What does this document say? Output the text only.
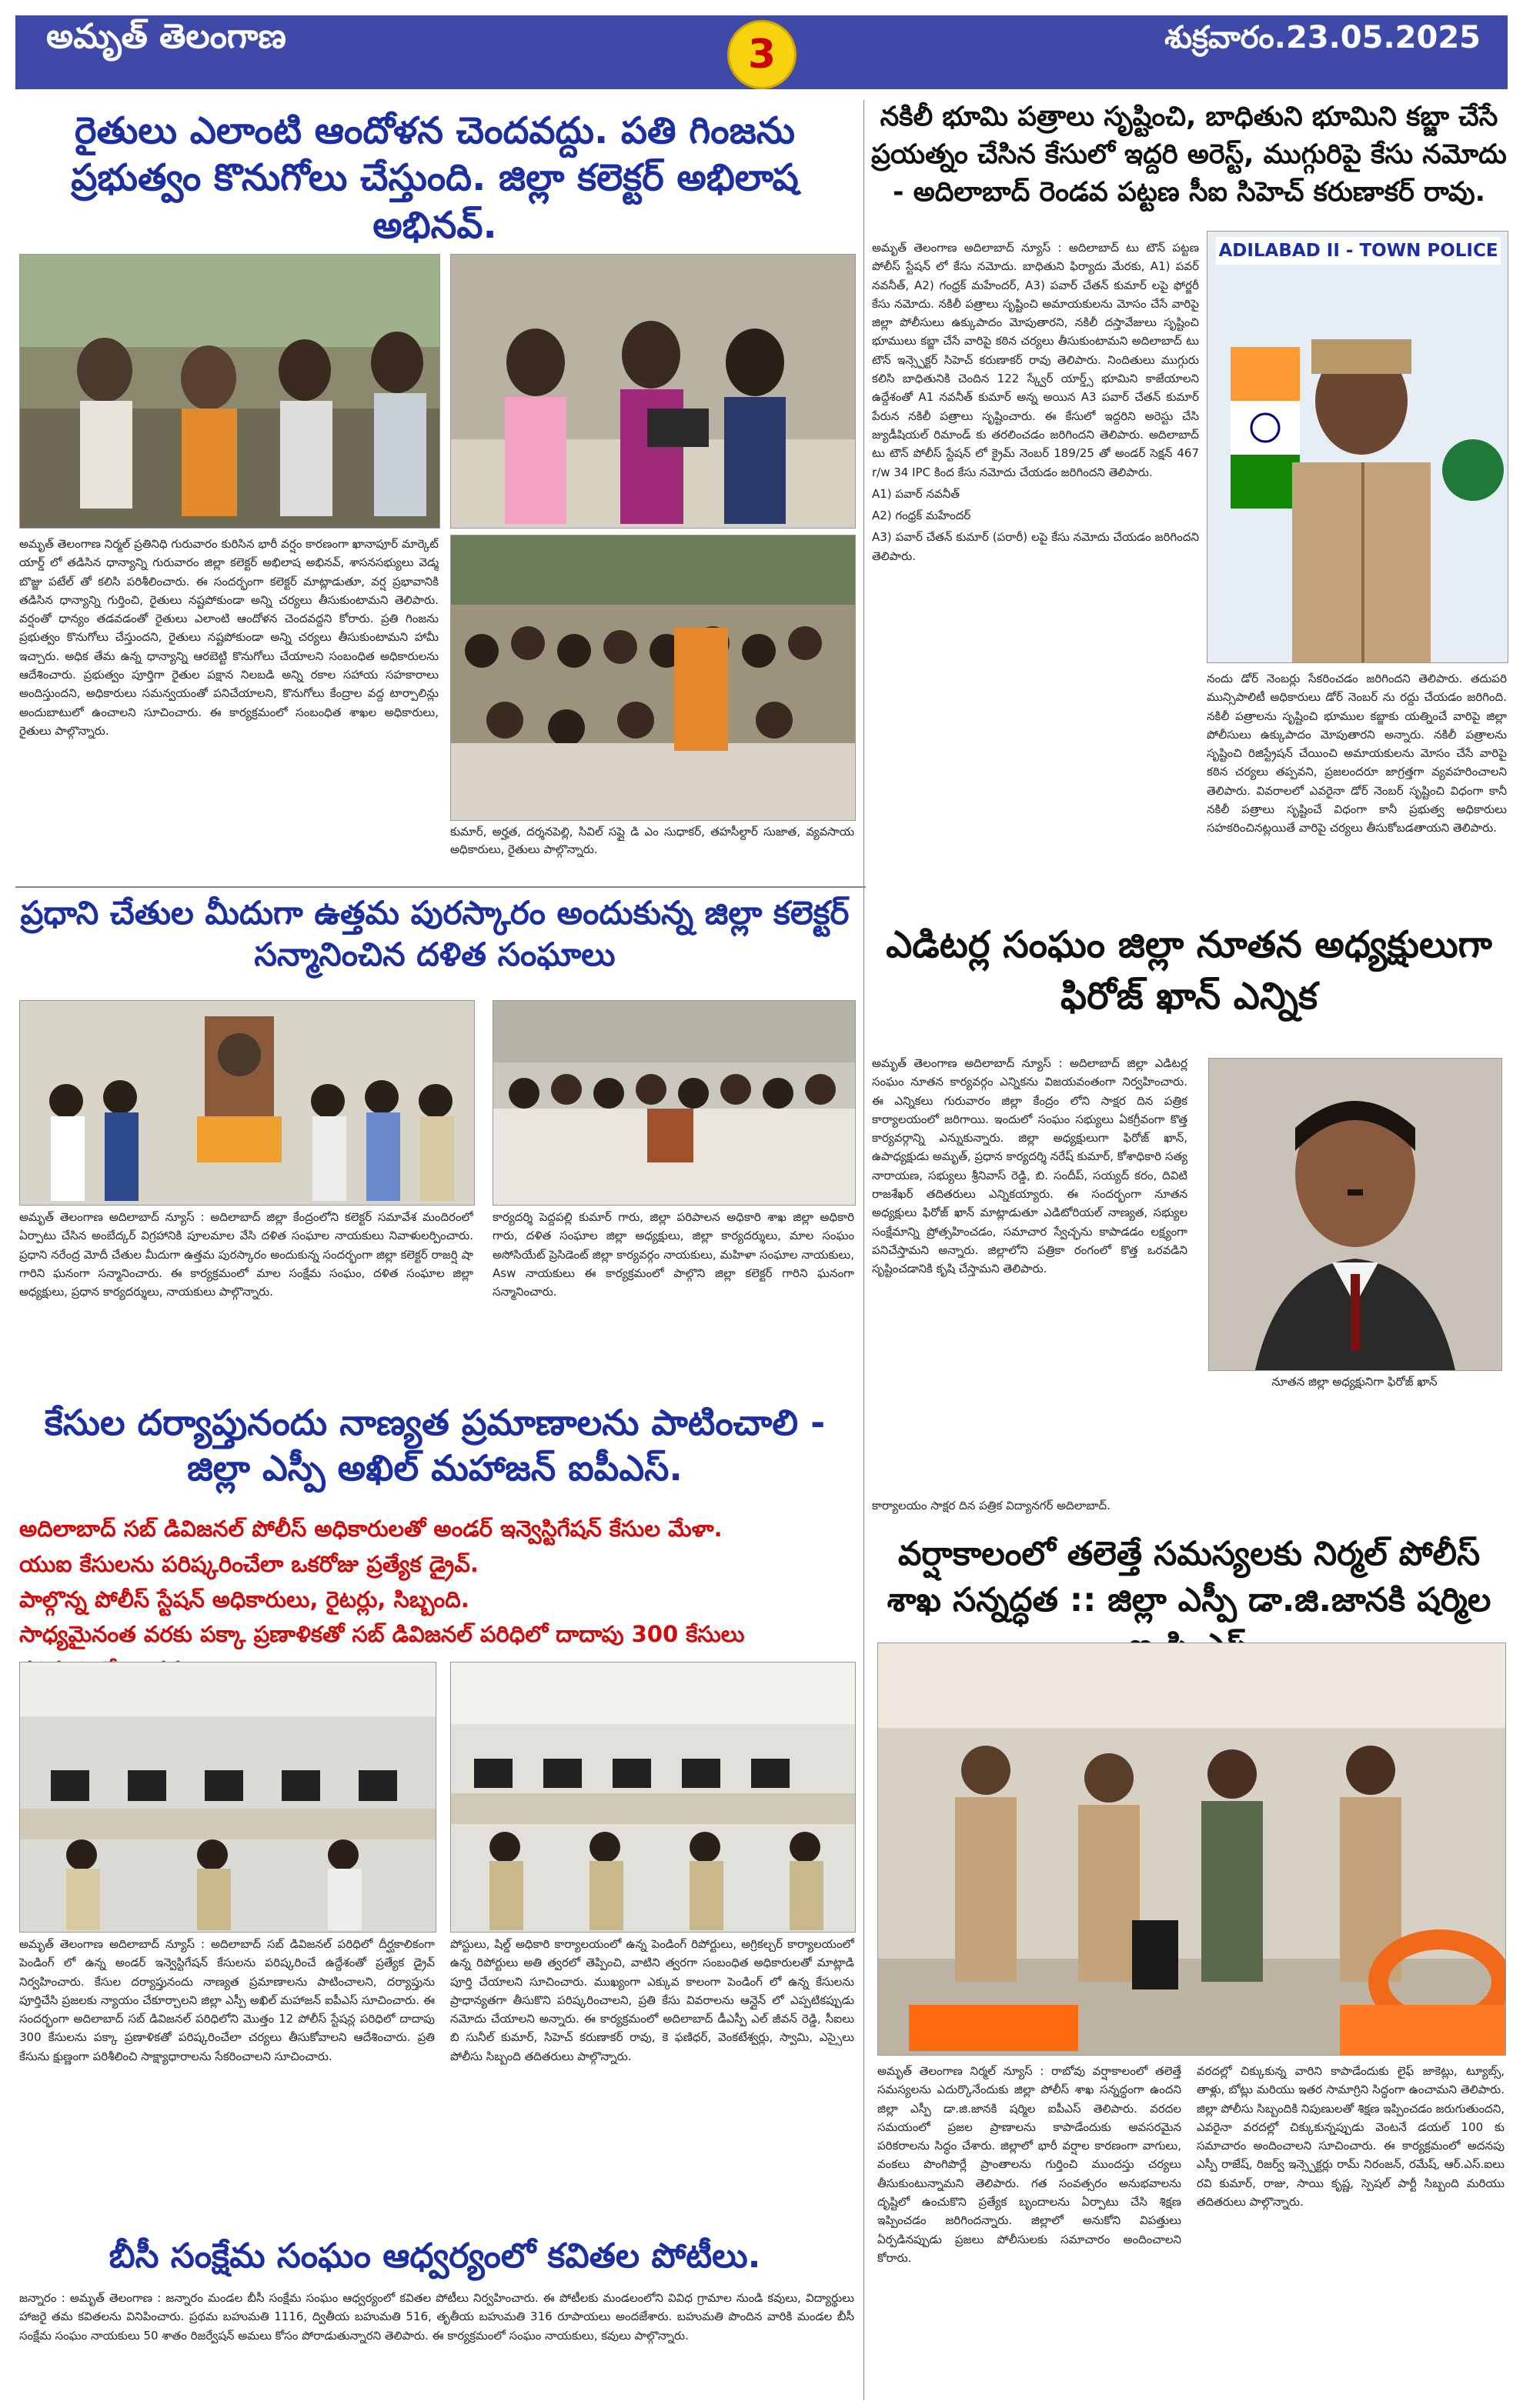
అమృత్ తెలంగాణ	3	శుక్రవారం.23.05.2025
రైతులు ఎలాంటి ఆందోళన చెందవద్దు. పతి గింజను ప్రభుత్వం కొనుగోలు చేస్తుంది. జిల్లా కలెక్టర్ అభిలాష అభినవ్.
అమృత్ తెలంగాణ నిర్మల్ ప్రతినిధి గురువారం కురిసిన భారీ వర్షం కారణంగా ఖానాపూర్ మార్కెట్ యార్డ్ లో తడిసిన ధాన్యాన్ని గురువారం జిల్లా కలెక్టర్ అభిలాష అభినవ్, శాసనసభ్యులు వెడ్మ బొజ్జు పటేల్ తో కలిసి పరిశీలించారు. ఈ సందర్భంగా కలెక్టర్ మాట్లాడుతూ, వర్ష ప్రభావానికి తడిసిన ధాన్యాన్ని గుర్తించి, రైతులు నష్టపోకుండా అన్ని చర్యలు తీసుకుంటామని తెలిపారు. వర్షంతో ధాన్యం తడవడంతో రైతులు ఎలాంటి ఆందోళన చెందవద్దని కోరారు. ప్రతి గింజను ప్రభుత్వం కొనుగోలు చేస్తుందని, రైతులు నష్టపోకుండా అన్ని చర్యలు తీసుకుంటామని హామీ ఇచ్చారు. అధిక తేమ ఉన్న ధాన్యాన్ని ఆరబెట్టి కొనుగోలు చేయాలని సంబంధిత అధికారులను ఆదేశించారు. ప్రభుత్వం పూర్తిగా రైతుల పక్షాన నిలబడి అన్ని రకాల సహాయ సహకారాలు అందిస్తుందని, అధికారులు సమన్వయంతో పనిచేయాలని, కొనుగోలు కేంద్రాల వద్ద టార్పాలిన్లు అందుబాటులో ఉంచాలని సూచించారు. ఈ కార్యక్రమంలో సంబంధిత శాఖల అధికారులు, రైతులు పాల్గొన్నారు.
కుమార్, అర్హత, దర్శనపెల్లి, సివిల్ సప్లై డి ఎం సుధాకర్, తహసీల్దార్ సుజాత, వ్యవసాయ అధికారులు, రైతులు పాల్గొన్నారు.
నకిలీ భూమి పత్రాలు సృష్టించి, బాధితుని భూమిని కబ్జా చేసే ప్రయత్నం చేసిన కేసులో ఇద్దరి అరెస్ట్, ముగ్గురిపై కేసు నమోదు - అదిలాబాద్ రెండవ పట్టణ సీఐ సిహెచ్ కరుణాకర్ రావు.

అమృత్ తెలంగాణ అదిలాబాద్ న్యూస్ : అదిలాబాద్ టు టౌన్ పట్టణ పోలీస్ స్టేషన్ లో కేసు నమోదు. బాధితుని ఫిర్యాదు మేరకు, A1) పవర్ నవనీత్, A2) గంధ్రక్ మహేందర్, A3) పవార్ చేతన్ కుమార్ లపై ఫోర్జరీ కేసు నమోదు. నకిలీ పత్రాలు సృష్టించి అమాయకులను మోసం చేసే వారిపై జిల్లా పోలీసులు ఉక్కుపాదం మోపుతారని, నకిలీ దస్తావేజులు సృష్టించి భూములు కబ్జా చేసే వారిపై కఠిన చర్యలు తీసుకుంటామని అదిలాబాద్ టు టౌన్ ఇన్స్పెక్టర్ సిహెచ్ కరుణాకర్ రావు తెలిపారు. నిందితులు ముగ్గురు కలిసి బాధితునికి చెందిన 122 స్క్వేర్ యార్డ్స్ భూమిని కాజేయాలని ఉద్దేశంతో A1 నవనీత్ కుమార్ అన్న అయిన A3 పవార్ చేతన్ కుమార్ పేరున నకిలీ పత్రాలు సృష్టించారు. ఈ కేసులో ఇద్దరిని అరెస్టు చేసి జ్యుడీషియల్ రిమాండ్ కు తరలించడం జరిగిందని తెలిపారు. అదిలాబాద్ టు టౌన్ పోలీస్ స్టేషన్ లో క్రైమ్ నెంబర్ 189/25 తో అండర్ సెక్షన్ 467 r/w 34 IPC కింద కేసు నమోదు చేయడం జరిగిందని తెలిపారు.

A1) పవార్ నవనీత్

A2) గంధ్రక్ మహేందర్

A3) పవార్ చేతన్ కుమార్ (పరారీ) లపై కేసు నమోదు చేయడం జరిగిందని తెలిపారు.

ADILABAD II - TOWN POLICE
నందు డోర్ నెంబర్లు సేకరించడం జరిగిందని తెలిపారు. తదుపరి మున్సిపాలిటీ అధికారులు డోర్ నెంబర్ ను రద్దు చేయడం జరిగింది. నకిలీ పత్రాలను సృష్టించి భూముల కబ్జాకు యత్నించే వారిపై జిల్లా పోలీసులు ఉక్కుపాదం మోపుతారని అన్నారు. నకిలీ పత్రాలను సృష్టించి రిజిస్ట్రేషన్ చేయించి అమాయకులను మోసం చేసే వారిపై కఠిన చర్యలు తప్పవని, ప్రజలందరూ జాగ్రత్తగా వ్యవహరించాలని తెలిపారు. వివరాలలో ఎవరైనా డోర్ నెంబర్ సృష్టించి విధంగా కానీ నకిలీ పత్రాలు సృష్టించే విధంగా కానీ ప్రభుత్వ అధికారులు సహకరించినట్లయితే వారిపై చర్యలు తీసుకోబడతాయని తెలిపారు.
ప్రధాని చేతుల మీదుగా ఉత్తమ పురస్కారం అందుకున్న జిల్లా కలెక్టర్ సన్మానించిన దళిత సంఘాలు
అమృత్ తెలంగాణ అదిలాబాద్ న్యూస్ : అదిలాబాద్ జిల్లా కేంద్రంలోని కలెక్టర్ సమావేశ మందిరంలో ఏర్పాటు చేసిన అంబేద్కర్ విగ్రహానికి పూలమాల వేసి దళిత సంఘాల నాయకులు నివాళులర్పించారు. ప్రధాని నరేంద్ర మోదీ చేతుల మీదుగా ఉత్తమ పురస్కారం అందుకున్న సందర్భంగా జిల్లా కలెక్టర్ రాజర్షి షా గారిని ఘనంగా సన్మానించారు. ఈ కార్యక్రమంలో మాల సంక్షేమ సంఘం, దళిత సంఘాల జిల్లా అధ్యక్షులు, ప్రధాన కార్యదర్శులు, నాయకులు పాల్గొన్నారు.
కార్యదర్శి పెద్దపల్లి కుమార్ గారు, జిల్లా పరిపాలన అధికారి శాఖ జిల్లా అధికారి గారు, దళిత సంఘాల జిల్లా అధ్యక్షులు, జిల్లా కార్యదర్శులు, మాల సంఘం అసోసియేట్ ప్రెసిడెంట్ జిల్లా కార్యవర్గం నాయకులు, మహిళా సంఘాల నాయకులు, Asw నాయకులు ఈ కార్యక్రమంలో పాల్గొని జిల్లా కలెక్టర్ గారిని ఘనంగా సన్మానించారు.
ఎడిటర్ల సంఘం జిల్లా నూతన అధ్యక్షులుగా ఫిరోజ్ ఖాన్ ఎన్నిక
అమృత్ తెలంగాణ అదిలాబాద్ న్యూస్ : అదిలాబాద్ జిల్లా ఎడిటర్ల సంఘం నూతన కార్యవర్గం ఎన్నికను విజయవంతంగా నిర్వహించారు. ఈ ఎన్నికలు గురువారం జిల్లా కేంద్రం లోని సాక్షర దిన పత్రిక కార్యాలయంలో జరిగాయి. ఇందులో సంఘం సభ్యులు ఏకగ్రీవంగా కొత్త కార్యవర్గాన్ని ఎన్నుకున్నారు. జిల్లా అధ్యక్షులుగా ఫిరోజ్ ఖాన్, ఉపాధ్యక్షుడు అమృత్, ప్రధాన కార్యదర్శి నరేష్ కుమార్, కోశాధికారి సత్య నారాయణ, సభ్యులు శ్రీనివాస్ రెడ్డి, బి. సందీప్, సయ్యద్ కరం, దివిటి రాజశేఖర్ తదితరులు ఎన్నికయ్యారు. ఈ సందర్భంగా నూతన అధ్యక్షులు ఫిరోజ్ ఖాన్ మాట్లాడుతూ ఎడిటోరియల్ నాణ్యత, సభ్యుల సంక్షేమాన్ని ప్రోత్సహించడం, సమాచార స్వేచ్ఛను కాపాడడం లక్ష్యంగా పనిచేస్తామని అన్నారు. జిల్లాలోని పత్రికా రంగంలో కొత్త ఒరవడిని సృష్టించడానికి కృషి చేస్తామని తెలిపారు.
నూతన జిల్లా అధ్యక్షునిగా ఫిరోజ్ ఖాన్
కార్యాలయం సాక్షర దిన పత్రిక విద్యానగర్ అదిలాబాద్.
కేసుల దర్యాప్తునందు నాణ్యత ప్రమాణాలను పాటించాలి - జిల్లా ఎస్పీ అఖిల్ మహాజన్ ఐపీఎస్.
అదిలాబాద్ సబ్ డివిజనల్ పోలీస్ అధికారులతో అండర్ ఇన్వెస్టిగేషన్ కేసుల మేళా.
యుఐ కేసులను పరిష్కరించేలా ఒకరోజు ప్రత్యేక డ్రైవ్.
పాల్గొన్న పోలీస్ స్టేషన్ అధికారులు, రైటర్లు, సిబ్బంది.
సాధ్యమైనంత వరకు పక్కా ప్రణాళికతో సబ్ డివిజనల్ పరిధిలో దాదాపు 300 కేసులు
అమృత్ తెలంగాణ అదిలాబాద్ న్యూస్ : అదిలాబాద్ సబ్ డివిజనల్ పరిధిలో దీర్ఘకాలికంగా పెండింగ్ లో ఉన్న అండర్ ఇన్వెస్టిగేషన్ కేసులను పరిష్కరించే ఉద్దేశంతో ప్రత్యేక డ్రైవ్ నిర్వహించారు. కేసుల దర్యాప్తునందు నాణ్యత ప్రమాణాలను పాటించాలని, దర్యాప్తును పూర్తిచేసి ప్రజలకు న్యాయం చేకూర్చాలని జిల్లా ఎస్పీ అఖిల్ మహాజన్ ఐపీఎస్ సూచించారు. ఈ సందర్భంగా అదిలాబాద్ సబ్ డివిజనల్ పరిధిలోని మొత్తం 12 పోలీస్ స్టేషన్ల పరిధిలో దాదాపు 300 కేసులను పక్కా ప్రణాళికతో పరిష్కరించేలా చర్యలు తీసుకోవాలని ఆదేశించారు. ప్రతి కేసును క్షుణ్ణంగా పరిశీలించి సాక్ష్యాధారాలను సేకరించాలని సూచించారు.
పోస్టులు, షిల్డ్ అధికారి కార్యాలయంలో ఉన్న పెండింగ్ రిపోర్టులు, అగ్రికల్చర్ కార్యాలయంలో ఉన్న రిపోర్టులు అతి త్వరలో తెప్పించి, వాటిని త్వరగా సంబంధిత అధికారులతో మాట్లాడి పూర్తి చేయాలని సూచించారు. ముఖ్యంగా ఎక్కువ కాలంగా పెండింగ్ లో ఉన్న కేసులను ప్రాధాన్యతగా తీసుకొని పరిష్కరించాలని, ప్రతి కేసు వివరాలను ఆన్లైన్ లో ఎప్పటికప్పుడు నమోదు చేయాలని అన్నారు. ఈ కార్యక్రమంలో అదిలాబాద్ డీఎస్పీ ఎల్ జీవన్ రెడ్డి, సీఐలు బి సునీల్ కుమార్, సిహెచ్ కరుణాకర్ రావు, కె ఫణిధర్, వెంకటేశ్వర్లు, స్వామి, ఎస్సైలు పోలీసు సిబ్బంది తదితరులు పాల్గొన్నారు.
వర్షాకాలంలో తలెత్తే సమస్యలకు నిర్మల్ పోలీస్ శాఖ సన్నద్ధత :: జిల్లా ఎస్పీ డా.జి.జానకి షర్మిల
అమృత్ తెలంగాణ నిర్మల్ న్యూస్ : రాబోవు వర్షాకాలంలో తలెత్తే సమస్యలను ఎదుర్కొనేందుకు జిల్లా పోలీస్ శాఖ సన్నద్ధంగా ఉందని జిల్లా ఎస్పీ డా.జి.జానకి షర్మిల ఐపీఎస్ తెలిపారు. వరదల సమయంలో ప్రజల ప్రాణాలను కాపాడేందుకు అవసరమైన పరికరాలను సిద్ధం చేశారు. జిల్లాలో భారీ వర్షాల కారణంగా వాగులు, వంకలు పొంగిపొర్లే ప్రాంతాలను గుర్తించి ముందస్తు చర్యలు తీసుకుంటున్నామని తెలిపారు. గత సంవత్సరం అనుభవాలను దృష్టిలో ఉంచుకొని ప్రత్యేక బృందాలను ఏర్పాటు చేసి శిక్షణ ఇప్పించడం జరిగిందన్నారు. జిల్లాలో అనుకోని విపత్తులు ఏర్పడినప్పుడు ప్రజలు పోలీసులకు సమాచారం అందించాలని కోరారు.
వరదల్లో చిక్కుకున్న వారిని కాపాడేందుకు లైఫ్ జాకెట్లు, ట్యూబ్స్, తాళ్లు, బోట్లు మరియు ఇతర సామాగ్రిని సిద్ధంగా ఉంచామని తెలిపారు. జిల్లా పోలీసు సిబ్బందికి నిపుణులతో శిక్షణ ఇప్పించడం జరుగుతుందని, ఎవరైనా వరదల్లో చిక్కుకున్నప్పుడు వెంటనే డయల్ 100 కు సమాచారం అందించాలని సూచించారు. ఈ కార్యక్రమంలో అదనపు ఎస్పీ రాజేష్, రిజర్వ్ ఇన్స్పెక్టర్లు రామ్ నిరంజన్, రమేష్, ఆర్.ఎస్.ఐలు రవి కుమార్, రాజు, సాయి కృష్ణ, స్పెషల్ పార్టీ సిబ్బంది మరియు తదితరులు పాల్గొన్నారు.
బీసీ సంక్షేమ సంఘం ఆధ్వర్యంలో కవితల పోటీలు.
జన్నారం : అమృత్ తెలంగాణ : జన్నారం మండల బీసీ సంక్షేమ సంఘం ఆధ్వర్యంలో కవితల పోటీలు నిర్వహించారు. ఈ పోటీలకు మండలంలోని వివిధ గ్రామాల నుండి కవులు, విద్యార్థులు హాజరై తమ కవితలను వినిపించారు. ప్రథమ బహుమతి 1116, ద్వితీయ బహుమతి 516, తృతీయ బహుమతి 316 రూపాయలు అందజేశారు. బహుమతి పొందిన వారికి మండల బీసీ సంక్షేమ సంఘం నాయకులు 50 శాతం రిజర్వేషన్ అమలు కోసం పోరాడుతున్నారని తెలిపారు. ఈ కార్యక్రమంలో సంఘం నాయకులు, కవులు పాల్గొన్నారు.
